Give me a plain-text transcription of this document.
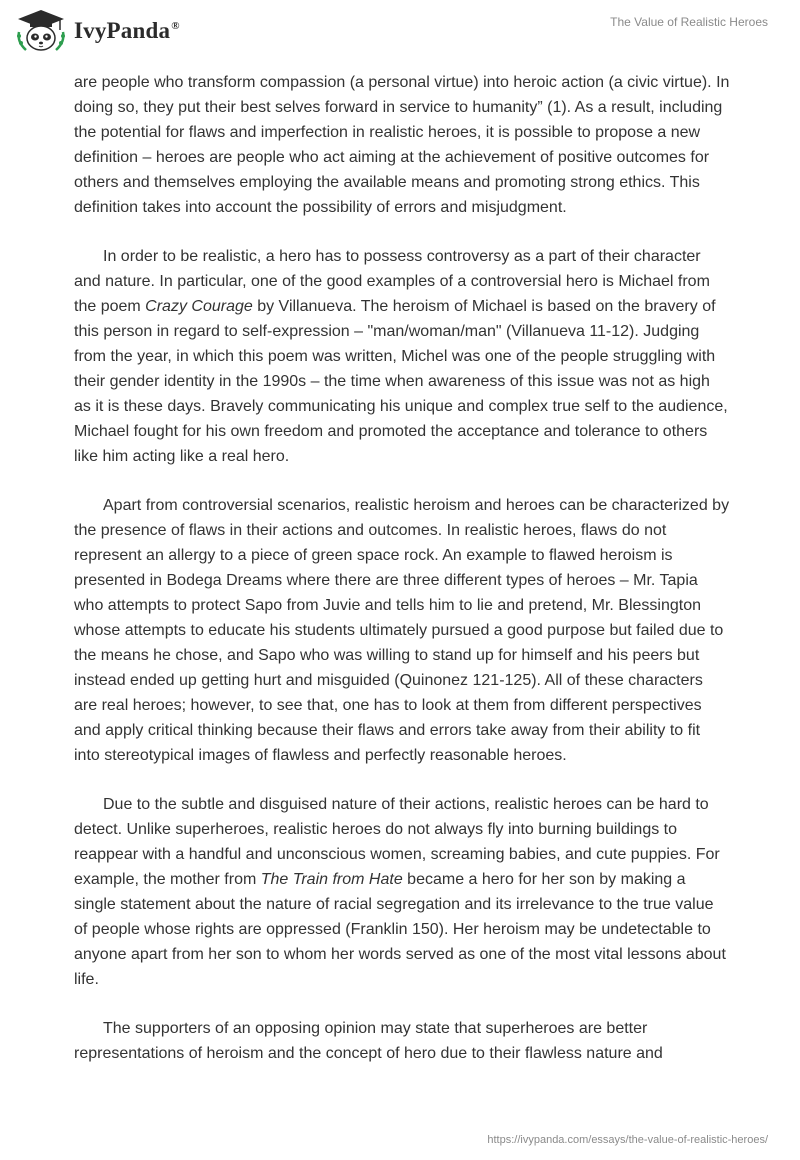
IvyPanda®	The Value of Realistic Heroes

are people who transform compassion (a personal virtue) into heroic action (a civic virtue). In doing so, they put their best selves forward in service to humanity” (1). As a result, including the potential for flaws and imperfection in realistic heroes, it is possible to propose a new definition – heroes are people who act aiming at the achievement of positive outcomes for others and themselves employing the available means and promoting strong ethics. This definition takes into account the possibility of errors and misjudgment.

In order to be realistic, a hero has to possess controversy as a part of their character and nature. In particular, one of the good examples of a controversial hero is Michael from the poem Crazy Courage by Villanueva. The heroism of Michael is based on the bravery of this person in regard to self-expression – "man/woman/man" (Villanueva 11-12). Judging from the year, in which this poem was written, Michel was one of the people struggling with their gender identity in the 1990s – the time when awareness of this issue was not as high as it is these days. Bravely communicating his unique and complex true self to the audience, Michael fought for his own freedom and promoted the acceptance and tolerance to others like him acting like a real hero.

Apart from controversial scenarios, realistic heroism and heroes can be characterized by the presence of flaws in their actions and outcomes. In realistic heroes, flaws do not represent an allergy to a piece of green space rock. An example to flawed heroism is presented in Bodega Dreams where there are three different types of heroes – Mr. Tapia who attempts to protect Sapo from Juvie and tells him to lie and pretend, Mr. Blessington whose attempts to educate his students ultimately pursued a good purpose but failed due to the means he chose, and Sapo who was willing to stand up for himself and his peers but instead ended up getting hurt and misguided (Quinonez 121-125). All of these characters are real heroes; however, to see that, one has to look at them from different perspectives and apply critical thinking because their flaws and errors take away from their ability to fit into stereotypical images of flawless and perfectly reasonable heroes.

Due to the subtle and disguised nature of their actions, realistic heroes can be hard to detect. Unlike superheroes, realistic heroes do not always fly into burning buildings to reappear with a handful and unconscious women, screaming babies, and cute puppies. For example, the mother from The Train from Hate became a hero for her son by making a single statement about the nature of racial segregation and its irrelevance to the true value of people whose rights are oppressed (Franklin 150). Her heroism may be undetectable to anyone apart from her son to whom her words served as one of the most vital lessons about life.

The supporters of an opposing opinion may state that superheroes are better representations of heroism and the concept of hero due to their flawless nature and

https://ivypanda.com/essays/the-value-of-realistic-heroes/
